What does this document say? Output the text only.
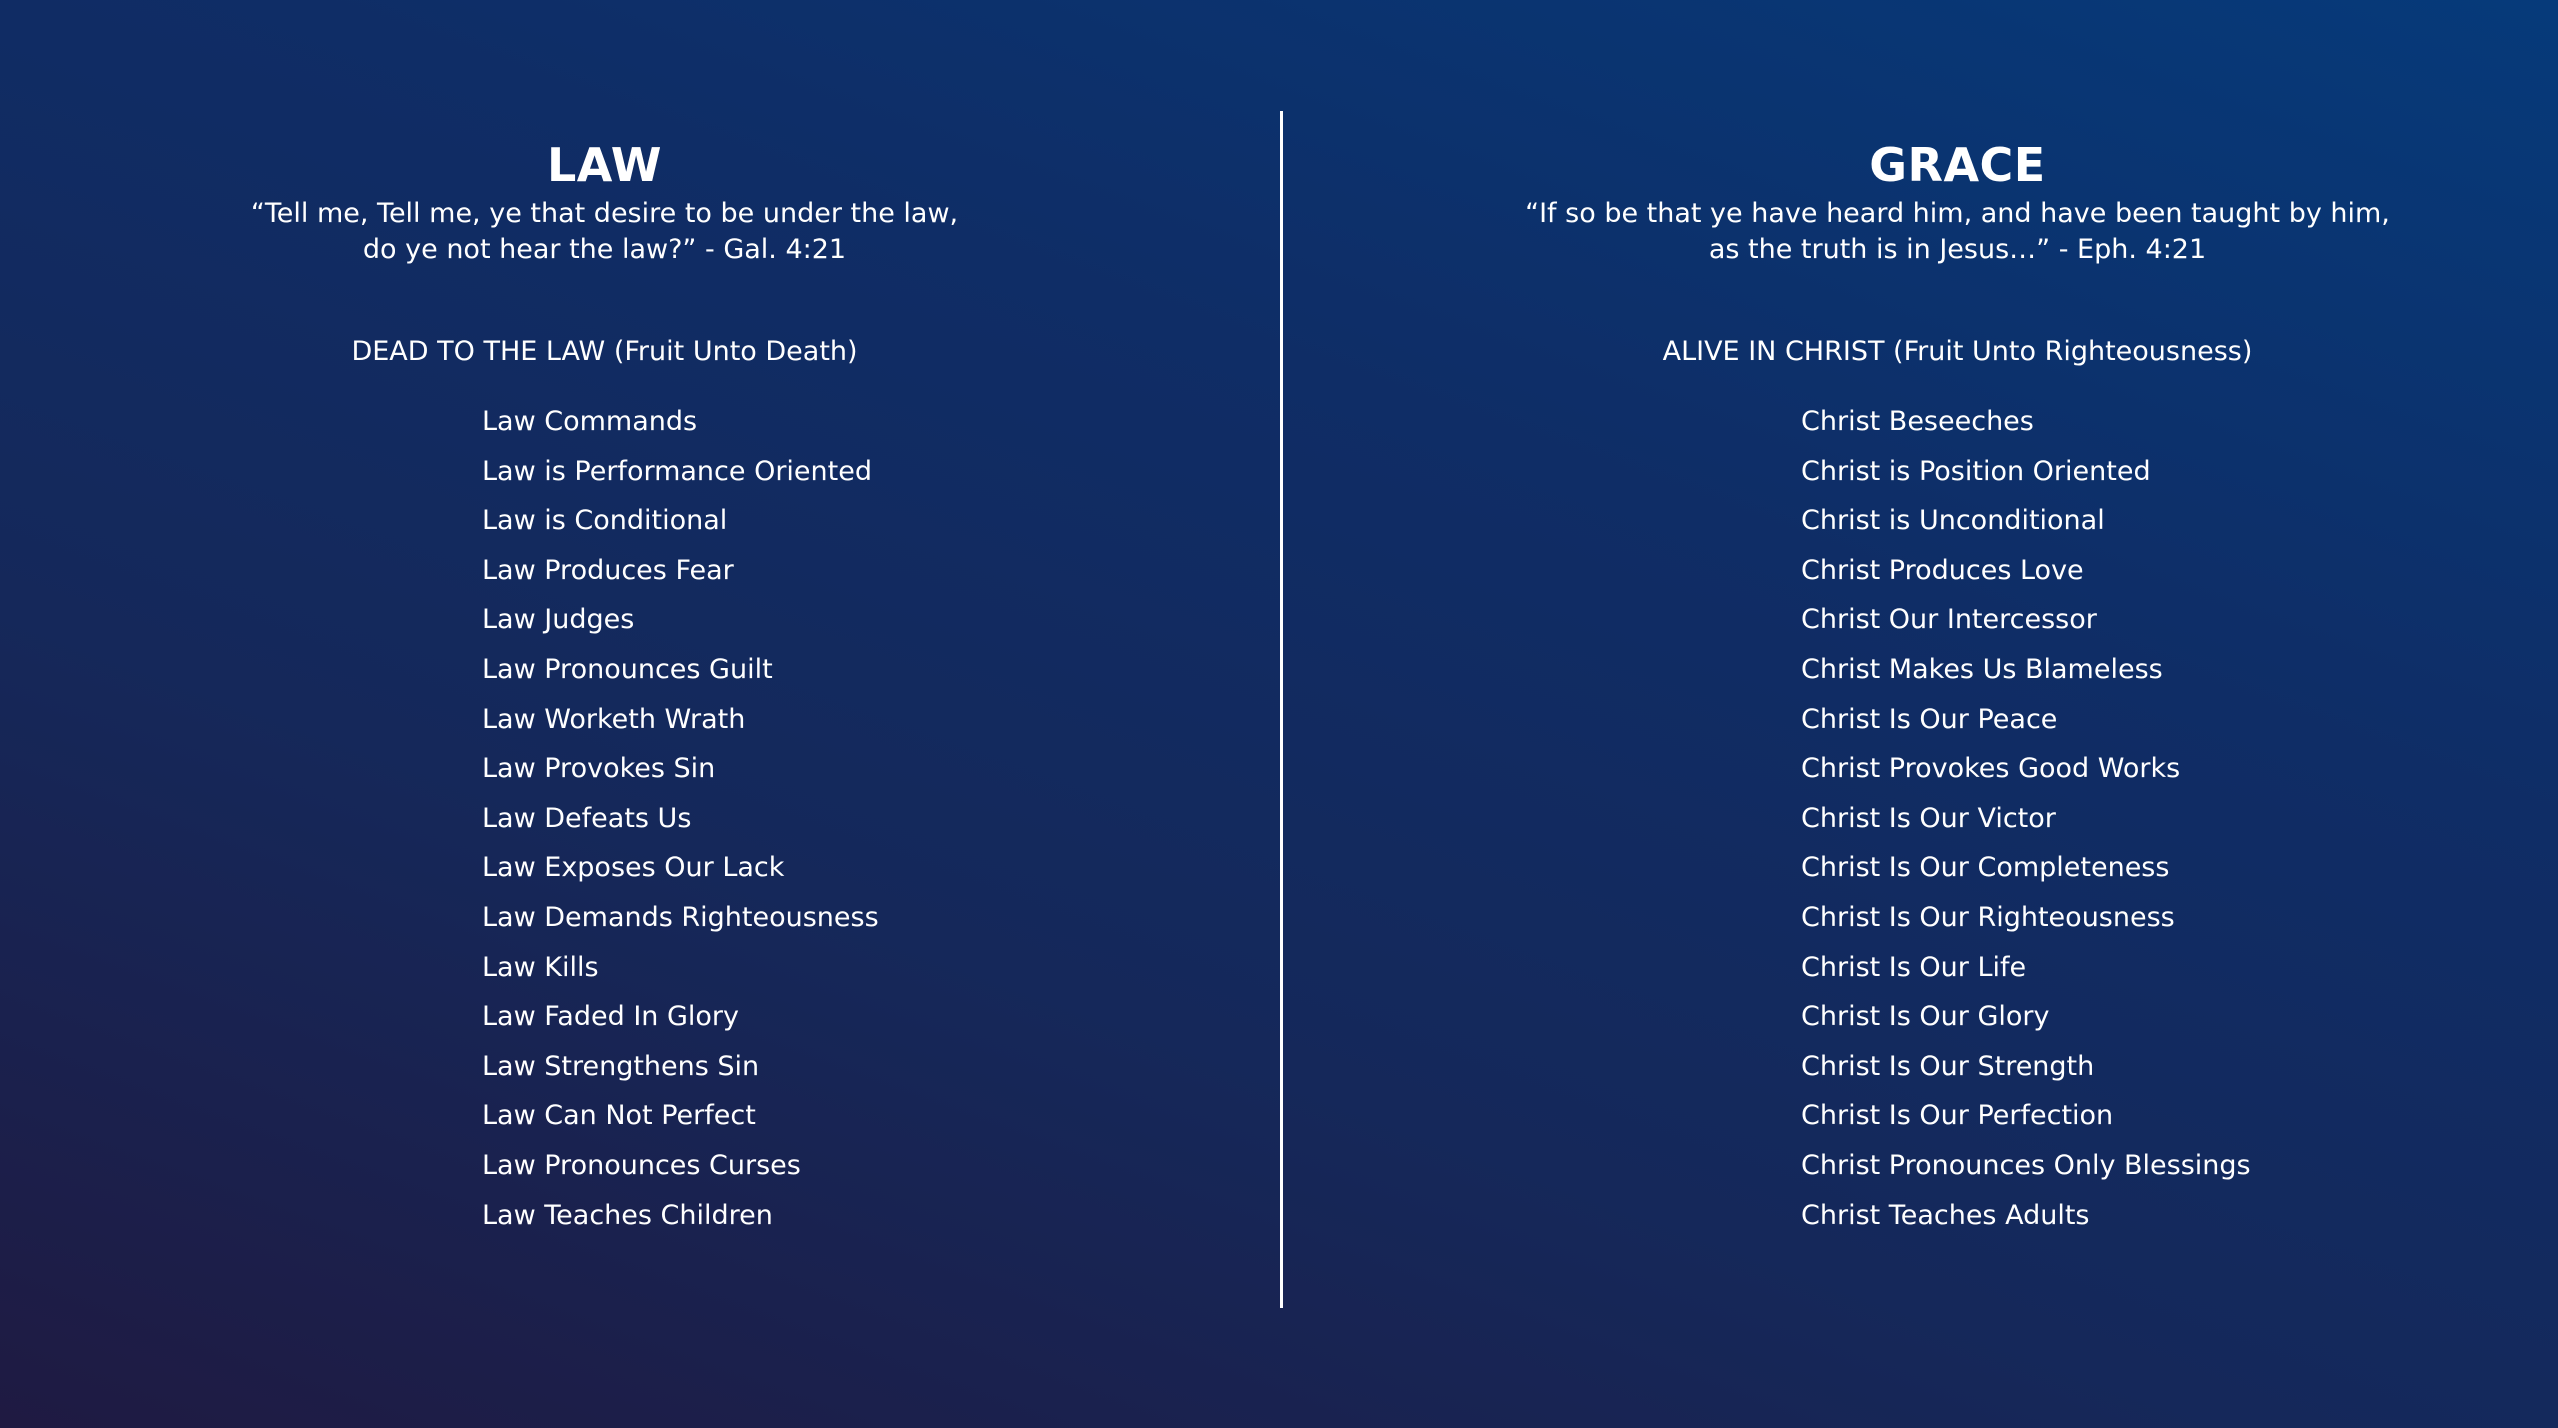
LAW
“Tell me, Tell me, ye that desire to be under the law,
do ye not hear the law?” - Gal. 4:21
DEAD TO THE LAW (Fruit Unto Death)
Law Commands
Law is Performance Oriented
Law is Conditional
Law Produces Fear
Law Judges
Law Pronounces Guilt
Law Worketh Wrath
Law Provokes Sin
Law Defeats Us
Law Exposes Our Lack
Law Demands Righteousness
Law Kills
Law Faded In Glory
Law Strengthens Sin
Law Can Not Perfect
Law Pronounces Curses
Law Teaches Children
GRACE
“If so be that ye have heard him, and have been taught by him,
as the truth is in Jesus…” - Eph. 4:21
ALIVE IN CHRIST (Fruit Unto Righteousness)
Christ Beseeches
Christ is Position Oriented
Christ is Unconditional
Christ Produces Love
Christ Our Intercessor
Christ Makes Us Blameless
Christ Is Our Peace
Christ Provokes Good Works
Christ Is Our Victor
Christ Is Our Completeness
Christ Is Our Righteousness
Christ Is Our Life
Christ Is Our Glory
Christ Is Our Strength
Christ Is Our Perfection
Christ Pronounces Only Blessings
Christ Teaches Adults
